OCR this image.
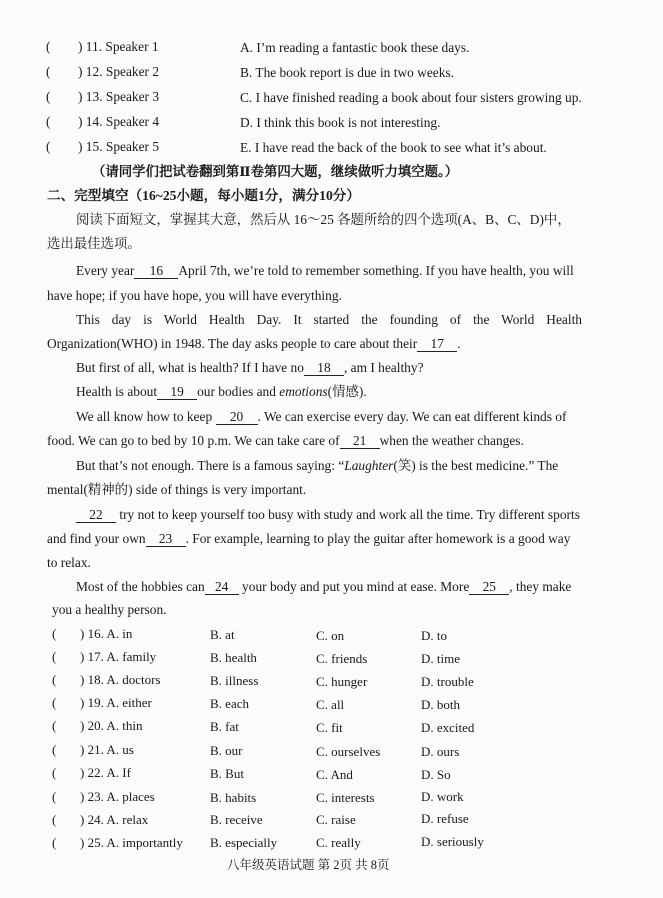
( ) 11. Speaker 1	A. I’m reading a fantastic book these days.
( ) 12. Speaker 2	B. The book report is due in two weeks.
( ) 13. Speaker 3	C. I have finished reading a book about four sisters growing up.
( ) 14. Speaker 4	D. I think this book is not interesting.
( ) 15. Speaker 5	E. I have read the back of the book to see what it’s about.
（请同学们把试卷翻到第Ⅱ卷第四大题，继续做听力填空题。）
二、完型填空（16~25小题，每小题1分，满分10分）
阅读下面短文，掌握其大意，然后从 16～25 各题所给的四个选项(A、B、C、D)中，
选出最佳选项。
Every year 16 April 7th, we’re told to remember something. If you have health, you will
have hope; if you have hope, you will have everything.
This day is World Health Day. It started the founding of the World Health
Organization(WHO) in 1948. The day asks people to care about their 17 .
But first of all, what is health? If I have no 18 , am I healthy?
Health is about 19 our bodies and emotions(情感).
We all know how to keep 20 . We can exercise every day. We can eat different kinds of
food. We can go to bed by 10 p.m. We can take care of 21 when the weather changes.
But that’s not enough. There is a famous saying: “Laughter(笑) is the best medicine.” The
mental(精神的) side of things is very important.
22 try not to keep yourself too busy with study and work all the time. Try different sports
and find your own 23 . For example, learning to play the guitar after homework is a good way
to relax.
Most of the hobbies can 24 your body and put you mind at ease. More 25 , they make
you a healthy person.
( ) 16. A. in	B. at	C. on	D. to
( ) 17. A. family	B. health	C. friends	D. time
( ) 18. A. doctors	B. illness	C. hunger	D. trouble
( ) 19. A. either	B. each	C. all	D. both
( ) 20. A. thin	B. fat	C. fit	D. excited
( ) 21. A. us	B. our	C. ourselves	D. ours
( ) 22. A. If	B. But	C. And	D. So
( ) 23. A. places	B. habits	C. interests	D. work
( ) 24. A. relax	B. receive	C. raise	D. refuse
( ) 25. A. importantly B. especially	C. really	D. seriously
八年级英语试题 第 2页 共 8页
